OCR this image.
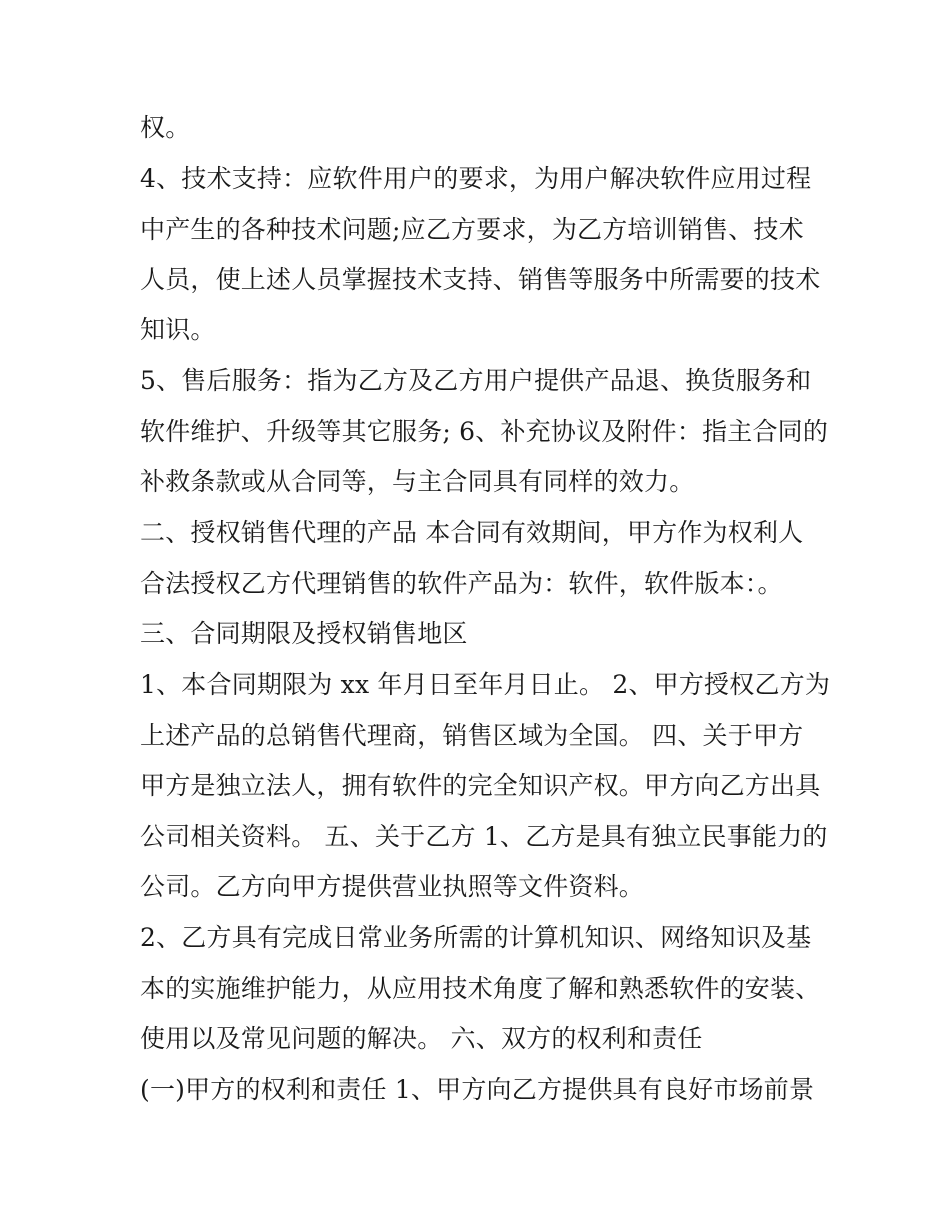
权。

4、技术支持：应软件用户的要求，为用户解决软件应用过程

中产生的各种技术问题;应乙方要求，为乙方培训销售、技术

人员，使上述人员掌握技术支持、销售等服务中所需要的技术

知识。

5、售后服务：指为乙方及乙方用户提供产品退、换货服务和

软件维护、升级等其它服务; 6、补充协议及附件：指主合同的

补救条款或从合同等，与主合同具有同样的效力。

二、授权销售代理的产品 本合同有效期间，甲方作为权利人

合法授权乙方代理销售的软件产品为：软件，软件版本：。

三、合同期限及授权销售地区

1、本合同期限为 xx 年月日至年月日止。 2、甲方授权乙方为

上述产品的总销售代理商，销售区域为全国。 四、关于甲方

甲方是独立法人，拥有软件的完全知识产权。甲方向乙方出具

公司相关资料。 五、关于乙方 1、乙方是具有独立民事能力的

公司。乙方向甲方提供营业执照等文件资料。

2、乙方具有完成日常业务所需的计算机知识、网络知识及基

本的实施维护能力，从应用技术角度了解和熟悉软件的安装、

使用以及常见问题的解决。 六、双方的权利和责任

(一)甲方的权利和责任 1、甲方向乙方提供具有良好市场前景
